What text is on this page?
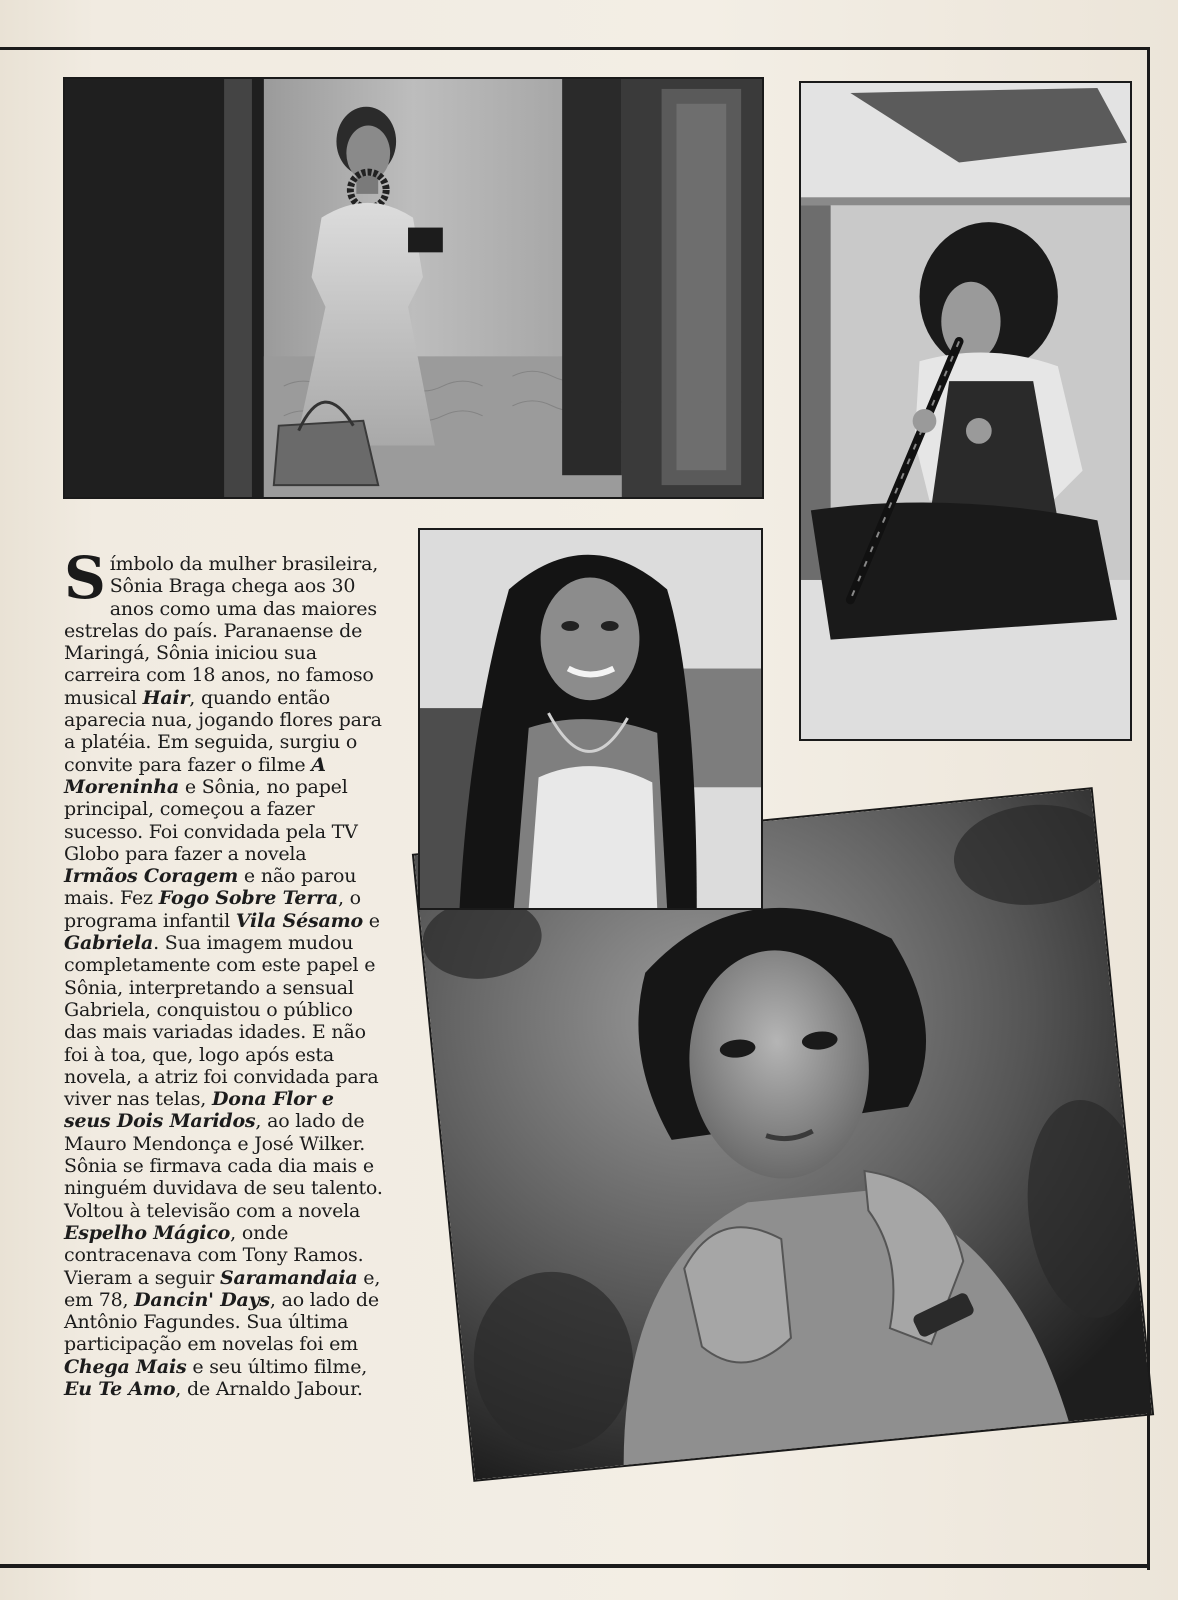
Símbolo da mulher brasileira, Sônia Braga chega aos 30 anos como uma das maiores estrelas do país. Paranaense de Maringá, Sônia iniciou sua carreira com 18 anos, no famoso musical Hair, quando então aparecia nua, jogando flores para a platéia. Em seguida, surgiu o convite para fazer o filme A Moreninha e Sônia, no papel principal, começou a fazer sucesso. Foi convidada pela TV Globo para fazer a novela Irmãos Coragem e não parou mais. Fez Fogo Sobre Terra, o programa infantil Vila Sésamo e Gabriela. Sua imagem mudou completamente com este papel e Sônia, interpretando a sensual Gabriela, conquistou o público das mais variadas idades. E não foi à toa, que, logo após esta novela, a atriz foi convidada para viver nas telas, Dona Flor e seus Dois Maridos, ao lado de Mauro Mendonça e José Wilker.

Sônia se firmava cada dia mais e ninguém duvidava de seu talento. Voltou à televisão com a novela Espelho Mágico, onde contracenava com Tony Ramos. Vieram a seguir Saramandaia e, em 78, Dancin' Days, ao lado de Antônio Fagundes. Sua última participação em novelas foi em Chega Mais e seu último filme, Eu Te Amo, de Arnaldo Jabour.
